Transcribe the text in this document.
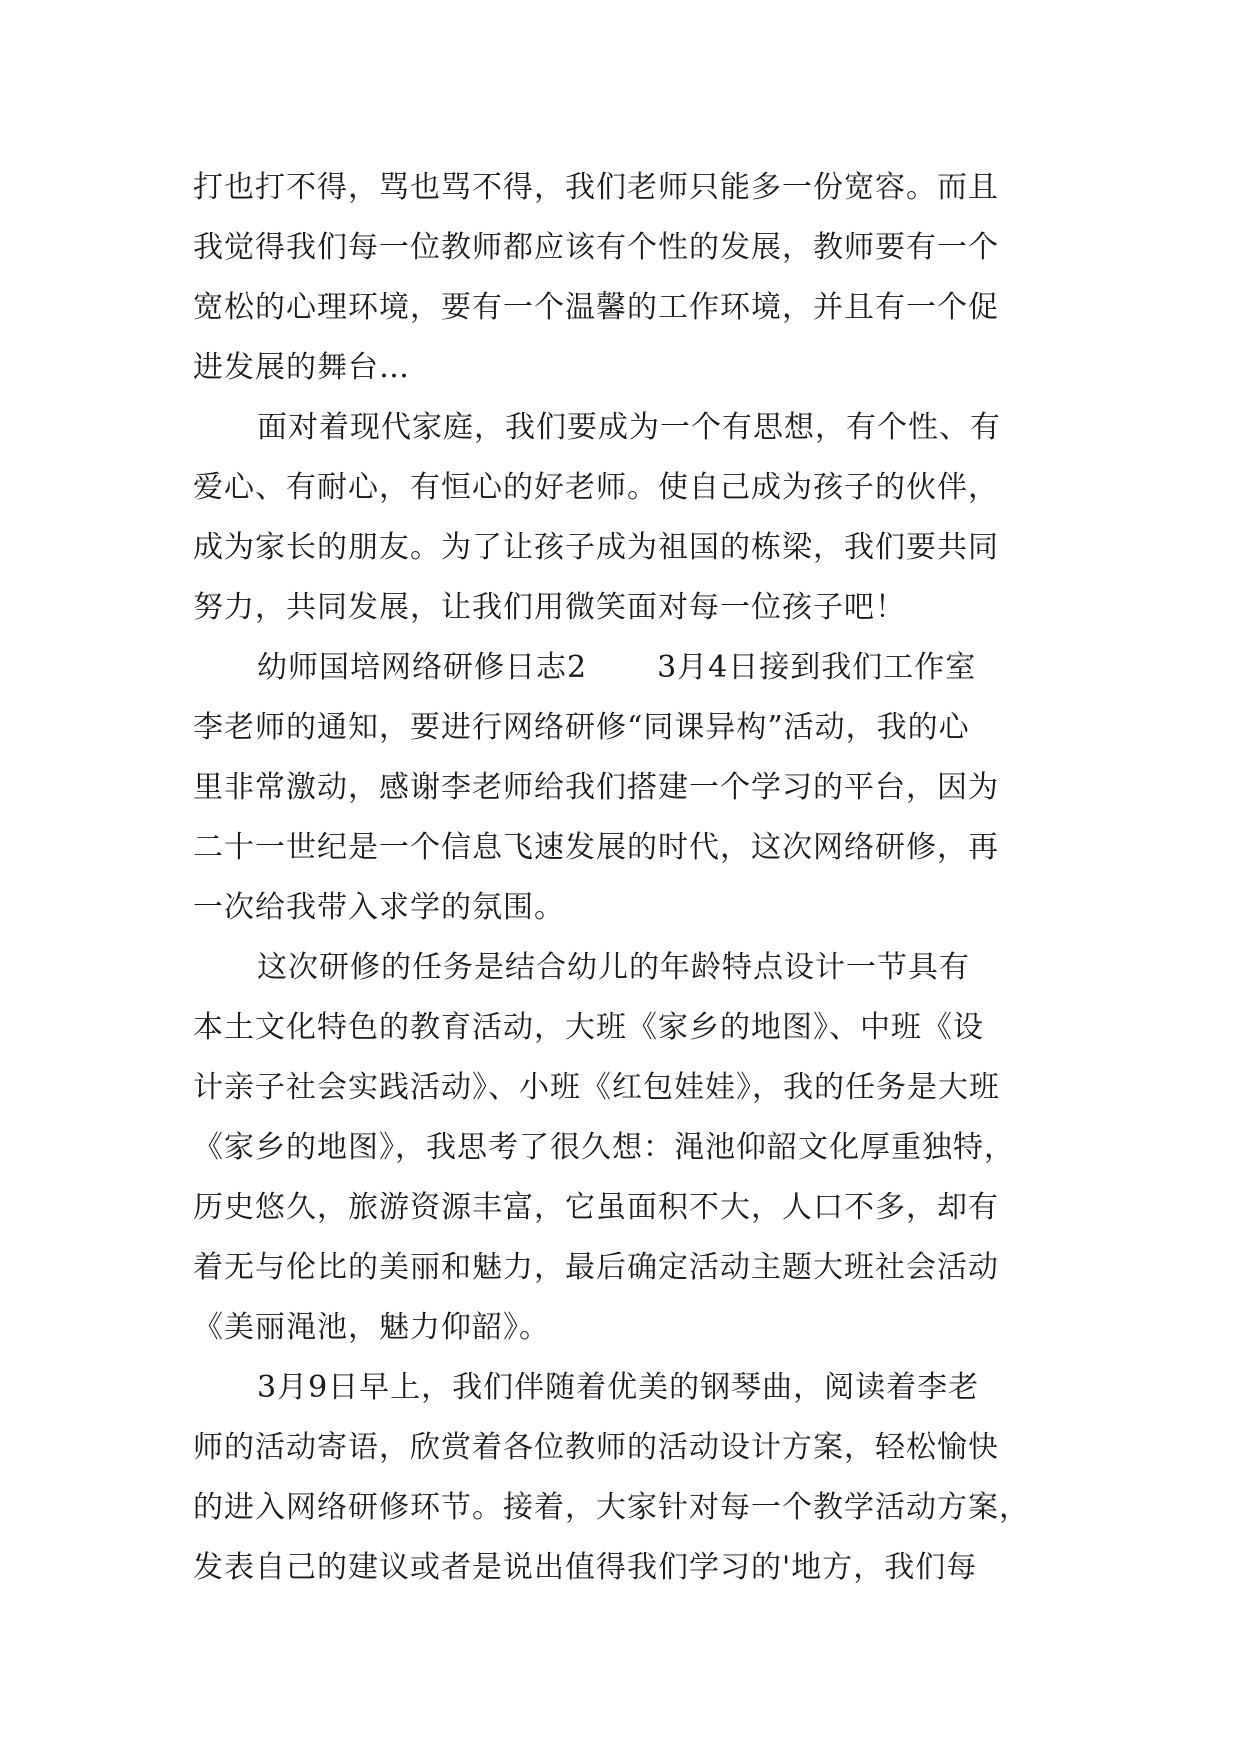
打也打不得，骂也骂不得，我们老师只能多一份宽容。而且
我觉得我们每一位教师都应该有个性的发展，教师要有一个
宽松的心理环境，要有一个温馨的工作环境，并且有一个促
进发展的舞台…
面对着现代家庭，我们要成为一个有思想，有个性、有
爱心、有耐心，有恒心的好老师。使自己成为孩子的伙伴，
成为家长的朋友。为了让孩子成为祖国的栋梁，我们要共同
努力，共同发展，让我们用微笑面对每一位孩子吧！
幼师国培网络研修日志2 3月4日接到我们工作室
李老师的通知，要进行网络研修“同课异构”活动，我的心
里非常激动，感谢李老师给我们搭建一个学习的平台，因为
二十一世纪是一个信息飞速发展的时代，这次网络研修，再
一次给我带入求学的氛围。
这次研修的任务是结合幼儿的年龄特点设计一节具有
本土文化特色的教育活动，大班《家乡的地图》、中班《设
计亲子社会实践活动》、小班《红包娃娃》，我的任务是大班
《家乡的地图》，我思考了很久想：渑池仰韶文化厚重独特，
历史悠久，旅游资源丰富，它虽面积不大，人口不多，却有
着无与伦比的美丽和魅力，最后确定活动主题大班社会活动
《美丽渑池，魅力仰韶》。
3月9日早上，我们伴随着优美的钢琴曲，阅读着李老
师的活动寄语，欣赏着各位教师的活动设计方案，轻松愉快
的进入网络研修环节。接着，大家针对每一个教学活动方案，
发表自己的建议或者是说出值得我们学习的'地方，我们每
